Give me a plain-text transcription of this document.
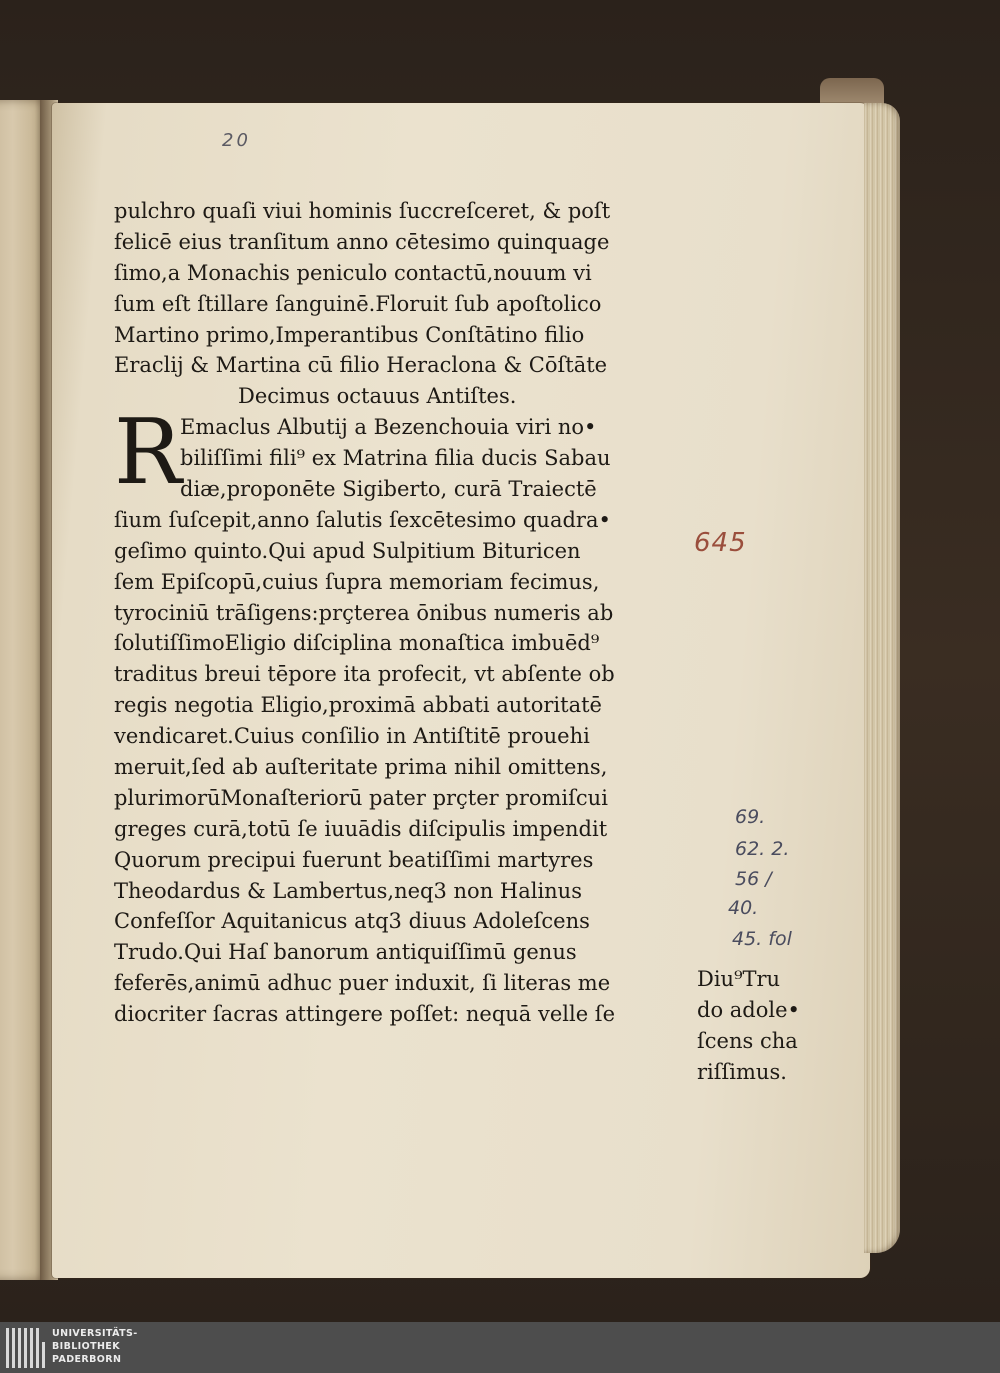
20
pulchro quaſi viui hominis ſuccreſceret, & poſt
felicē eius tranſitum anno cētesimo quinquage
ſimo,a Monachis peniculo contactū,nouum vi
ſum eſt ſtillare ſanguinē.Floruit ſub apoſtolico
Martino primo,Imperantibus Conſtātino filio
Eraclij & Martina cū filio Heraclona & Cōſtāte
Decimus octauus Antiſtes.
R
Emaclus Albutij a Bezenchouia viri no•
biliſſimi fili⁹ ex Matrina filia ducis Sabau
diæ,proponēte Sigiberto, curā Traiectē
ſium ſuſcepit,anno ſalutis ſexcētesimo quadra•
geſimo quinto.Qui apud Sulpitium Bituricen
ſem Epiſcopū,cuius ſupra memoriam fecimus,
tyrociniū trāſigens:prçterea ōnibus numeris ab
ſolutiſſimoEligio diſciplina monaſtica imbuēd⁹
traditus breui tēpore ita profecit, vt abſente ob
regis negotia Eligio,proximā abbati autoritatē
vendicaret.Cuius conſilio in Antiſtitē prouehi
meruit,ſed ab auſteritate prima nihil omittens,
plurimorūMonaſteriorū pater prçter promiſcui
greges curā,totū ſe iuuādis diſcipulis impendit
Quorum precipui fuerunt beatiſſimi martyres
Theodardus & Lambertus,neq3 non Halinus
Confeſſor Aquitanicus atq3 diuus Adoleſcens
Trudo.Qui Haſ banorum antiquiſſimū genus
feferēs,animū adhuc puer induxit, ſi literas me
diocriter ſacras attingere poſſet: nequā velle ſe
Diu⁹Tru
do adole•
ſcens cha
riſſimus.
645
69.
62. 2.
56 /
40.
45. fol
UNIVERSITÄTS-
BIBLIOTHEK
PADERBORN
